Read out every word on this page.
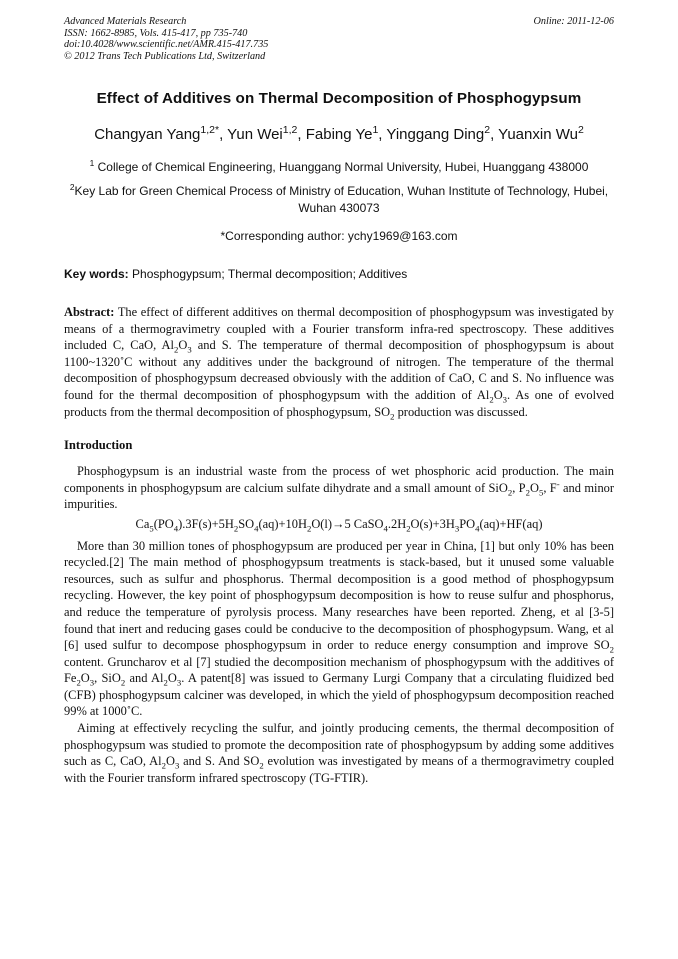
Advanced Materials Research
ISSN: 1662-8985, Vols. 415-417, pp 735-740
doi:10.4028/www.scientific.net/AMR.415-417.735
© 2012 Trans Tech Publications Ltd, Switzerland
Online: 2011-12-06
Effect of Additives on Thermal Decomposition of Phosphogypsum
Changyan Yang$^{1,2*}$, Yun Wei$^{1,2}$, Fabing Ye$^1$, Yinggang Ding$^2$, Yuanxin Wu$^2$
$^1$ College of Chemical Engineering, Huanggang Normal University, Hubei, Huanggang 438000
$^2$Key Lab for Green Chemical Process of Ministry of Education, Wuhan Institute of Technology, Hubei, Wuhan 430073
*Corresponding author: ychy1969@163.com
Key words: Phosphogypsum; Thermal decomposition; Additives

Abstract: The effect of different additives on thermal decomposition of phosphogypsum was investigated by means of a thermogravimetry coupled with a Fourier transform infra-red spectroscopy. These additives included C, CaO, $Al_2O_3$ and S. The temperature of thermal decomposition of phosphogypsum is about 1100~1320˚C without any additives under the background of nitrogen. The temperature of the thermal decomposition of phosphogypsum decreased obviously with the addition of CaO, C and S. No influence was found for the thermal decomposition of phosphogypsum with the addition of $Al_2O_3$. As one of evolved products from the thermal decomposition of phosphogypsum, $SO_2$ production was discussed.

Introduction

Phosphogypsum is an industrial waste from the process of wet phosphoric acid production. The main components in phosphogypsum are calcium sulfate dihydrate and a small amount of SiO$_2$, $P_2O_5$, F- and minor impurities.

$Ca_5(PO_4).3F(s)+5H_2SO_4(aq)+10H_2O(l)\to 5$ $CaSO_4.2H_2O(s)+3H_3PO_4(aq)+HF(aq)$

More than 30 million tones of phosphogypsum are produced per year in China, [1] but only 10% has been recycled.[2] The main method of phosphogypsum treatments is stack-based, but it unused some valuable resources, such as sulfur and phosphorus. Thermal decomposition is a good method of phosphogypsum recycling. However, the key point of phosphogypsum decomposition is how to reuse sulfur and phosphorus, and reduce the temperature of pyrolysis process. Many researches have been reported. Zheng, et al [3-5] found that inert and reducing gases could be conducive to the decomposition of phosphogypsum. Wang, et al [6] used sulfur to decompose phosphogypsum in order to reduce energy consumption and improve $SO_2$ content. Gruncharov et al [7] studied the decomposition mechanism of phosphogypsum with the additives of $Fe_2O_3$, SiO$_2$ and $Al_2O_3$. A patent[8] was issued to Germany Lurgi Company that a circulating fluidized bed (CFB) phosphogypsum calciner was developed, in which the yield of phosphogypsum decomposition reached 99% at 1000˚C.

Aiming at effectively recycling the sulfur, and jointly producing cements, the thermal decomposition of phosphogypsum was studied to promote the decomposition rate of phosphogypsum by adding some additives such as C, CaO, $Al_2O_3$ and S. And $SO_2$ evolution was investigated by means of a thermogravimetry coupled with the Fourier transform infrared spectroscopy (TG-FTIR).
